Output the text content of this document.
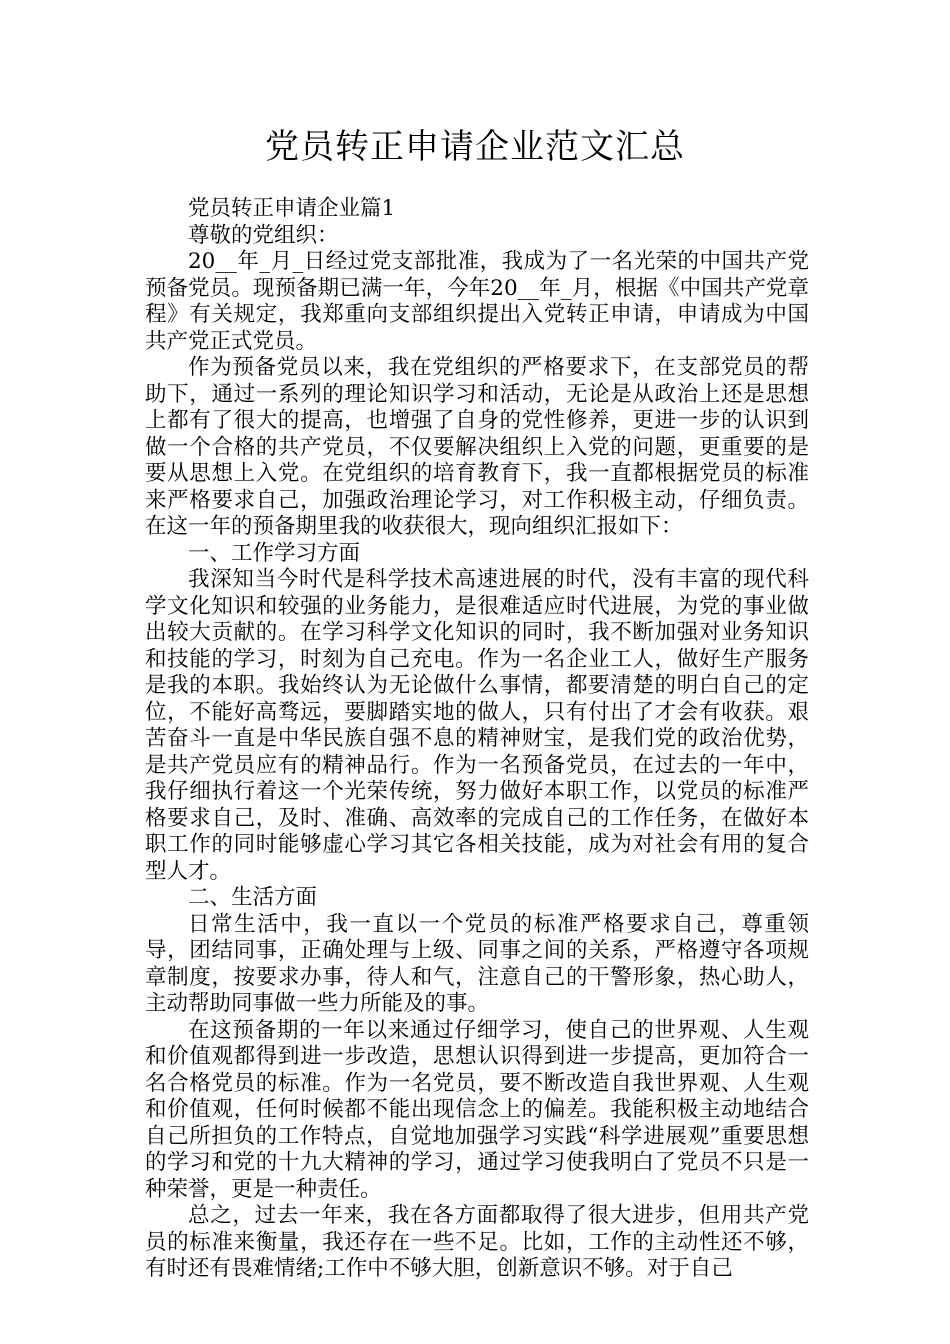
党员转正申请企业范文汇总

党员转正申请企业篇1

尊敬的党组织：

20__年_月_日经过党支部批准，我成为了一名光荣的中国共产党预备党员。现预备期已满一年，今年20__年_月，根据《中国共产党章程》有关规定，我郑重向支部组织提出入党转正申请，申请成为中国共产党正式党员。

作为预备党员以来，我在党组织的严格要求下，在支部党员的帮助下，通过一系列的理论知识学习和活动，无论是从政治上还是思想上都有了很大的提高，也增强了自身的党性修养，更进一步的认识到做一个合格的共产党员，不仅要解决组织上入党的问题，更重要的是要从思想上入党。在党组织的培育教育下，我一直都根据党员的标准来严格要求自己，加强政治理论学习，对工作积极主动，仔细负责。在这一年的预备期里我的收获很大，现向组织汇报如下：

一、工作学习方面

我深知当今时代是科学技术高速进展的时代，没有丰富的现代科学文化知识和较强的业务能力，是很难适应时代进展，为党的事业做出较大贡献的。在学习科学文化知识的同时，我不断加强对业务知识和技能的学习，时刻为自己充电。作为一名企业工人，做好生产服务是我的本职。我始终认为无论做什么事情，都要清楚的明白自己的定位，不能好高骛远，要脚踏实地的做人，只有付出了才会有收获。艰苦奋斗一直是中华民族自强不息的精神财宝，是我们党的政治优势，是共产党员应有的精神品行。作为一名预备党员，在过去的一年中，我仔细执行着这一个光荣传统，努力做好本职工作，以党员的标准严格要求自己，及时、准确、高效率的完成自己的工作任务，在做好本职工作的同时能够虚心学习其它各相关技能，成为对社会有用的复合型人才。

二、生活方面

日常生活中，我一直以一个党员的标准严格要求自己，尊重领导，团结同事，正确处理与上级、同事之间的关系，严格遵守各项规章制度，按要求办事，待人和气，注意自己的干警形象，热心助人，主动帮助同事做一些力所能及的事。

在这预备期的一年以来通过仔细学习，使自己的世界观、人生观和价值观都得到进一步改造，思想认识得到进一步提高，更加符合一名合格党员的标准。作为一名党员，要不断改造自我世界观、人生观和价值观，任何时候都不能出现信念上的偏差。我能积极主动地结合自己所担负的工作特点，自觉地加强学习实践“科学进展观”重要思想的学习和党的十九大精神的学习，通过学习使我明白了党员不只是一种荣誉，更是一种责任。

总之，过去一年来，我在各方面都取得了很大进步，但用共产党员的标准来衡量，我还存在一些不足。比如，工作的主动性还不够，有时还有畏难情绪;工作中不够大胆，创新意识不够。对于自己
